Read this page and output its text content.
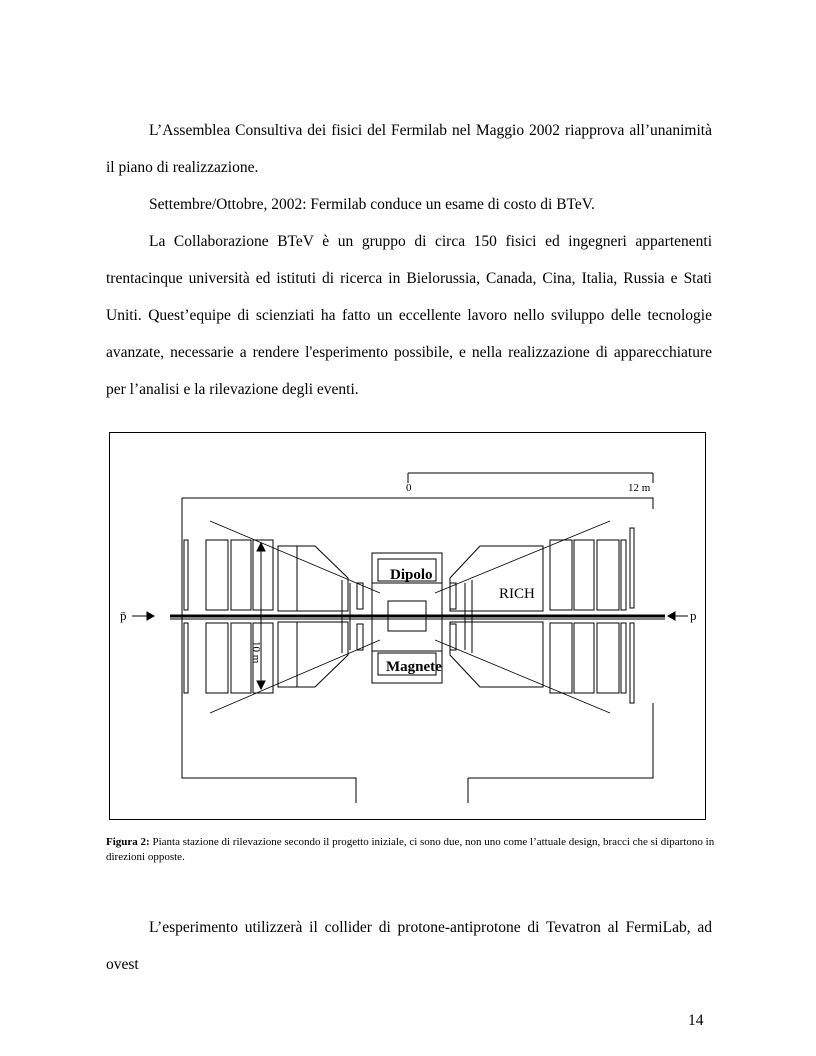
L’Assemblea Consultiva dei fisici del Fermilab nel Maggio 2002 riapprova all’unanimità il piano di realizzazione.

Settembre/Ottobre, 2002: Fermilab conduce un esame di costo di BTeV.

La Collaborazione BTeV è un gruppo di circa 150 fisici ed ingegneri appartenenti trentacinque università ed istituti di ricerca in Bielorussia, Canada, Cina, Italia, Russia e Stati Uniti. Quest’equipe di scienziati ha fatto un eccellente lavoro nello sviluppo delle tecnologie avanzate, necessarie a rendere l'esperimento possibile, e nella realizzazione di apparecchiature per l’analisi e la rilevazione degli eventi.

0	12 m
Dipolo
Magnete
RICH
p̄	p
10 m

Figura 2: Pianta stazione di rilevazione secondo il progetto iniziale, ci sono due, non uno come l’attuale design, bracci che si dipartono in direzioni opposte.

L’esperimento utilizzerà il collider di protone-antiprotone di Tevatron al FermiLab, ad ovest

14
